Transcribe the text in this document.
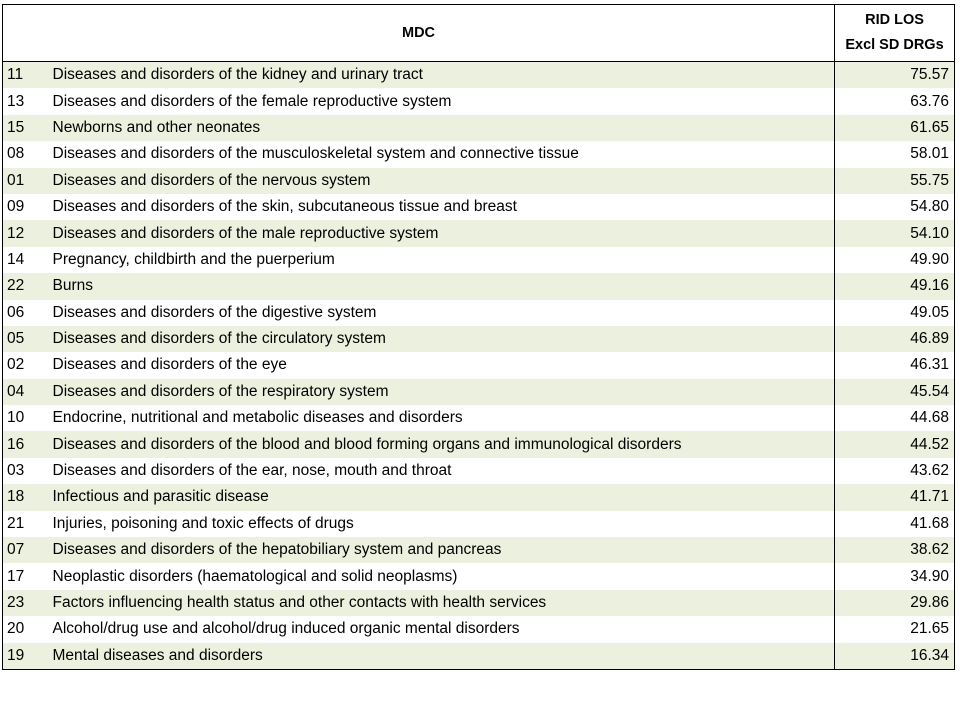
MDC		RID LOS
Excl SD DRGs

11	Diseases and disorders of the kidney and urinary tract	75.57
13	Diseases and disorders of the female reproductive system	63.76
15	Newborns and other neonates	61.65
08	Diseases and disorders of the musculoskeletal system and connective tissue	58.01
01	Diseases and disorders of the nervous system	55.75
09	Diseases and disorders of the skin, subcutaneous tissue and breast	54.80
12	Diseases and disorders of the male reproductive system	54.10
14	Pregnancy, childbirth and the puerperium	49.90
22	Burns	49.16
06	Diseases and disorders of the digestive system	49.05
05	Diseases and disorders of the circulatory system	46.89
02	Diseases and disorders of the eye	46.31
04	Diseases and disorders of the respiratory system	45.54
10	Endocrine, nutritional and metabolic diseases and disorders	44.68
16	Diseases and disorders of the blood and blood forming organs and immunological disorders	44.52
03	Diseases and disorders of the ear, nose, mouth and throat	43.62
18	Infectious and parasitic disease	41.71
21	Injuries, poisoning and toxic effects of drugs	41.68
07	Diseases and disorders of the hepatobiliary system and pancreas	38.62
17	Neoplastic disorders (haematological and solid neoplasms)	34.90
23	Factors influencing health status and other contacts with health services	29.86
20	Alcohol/drug use and alcohol/drug induced organic mental disorders	21.65
19	Mental diseases and disorders	16.34
